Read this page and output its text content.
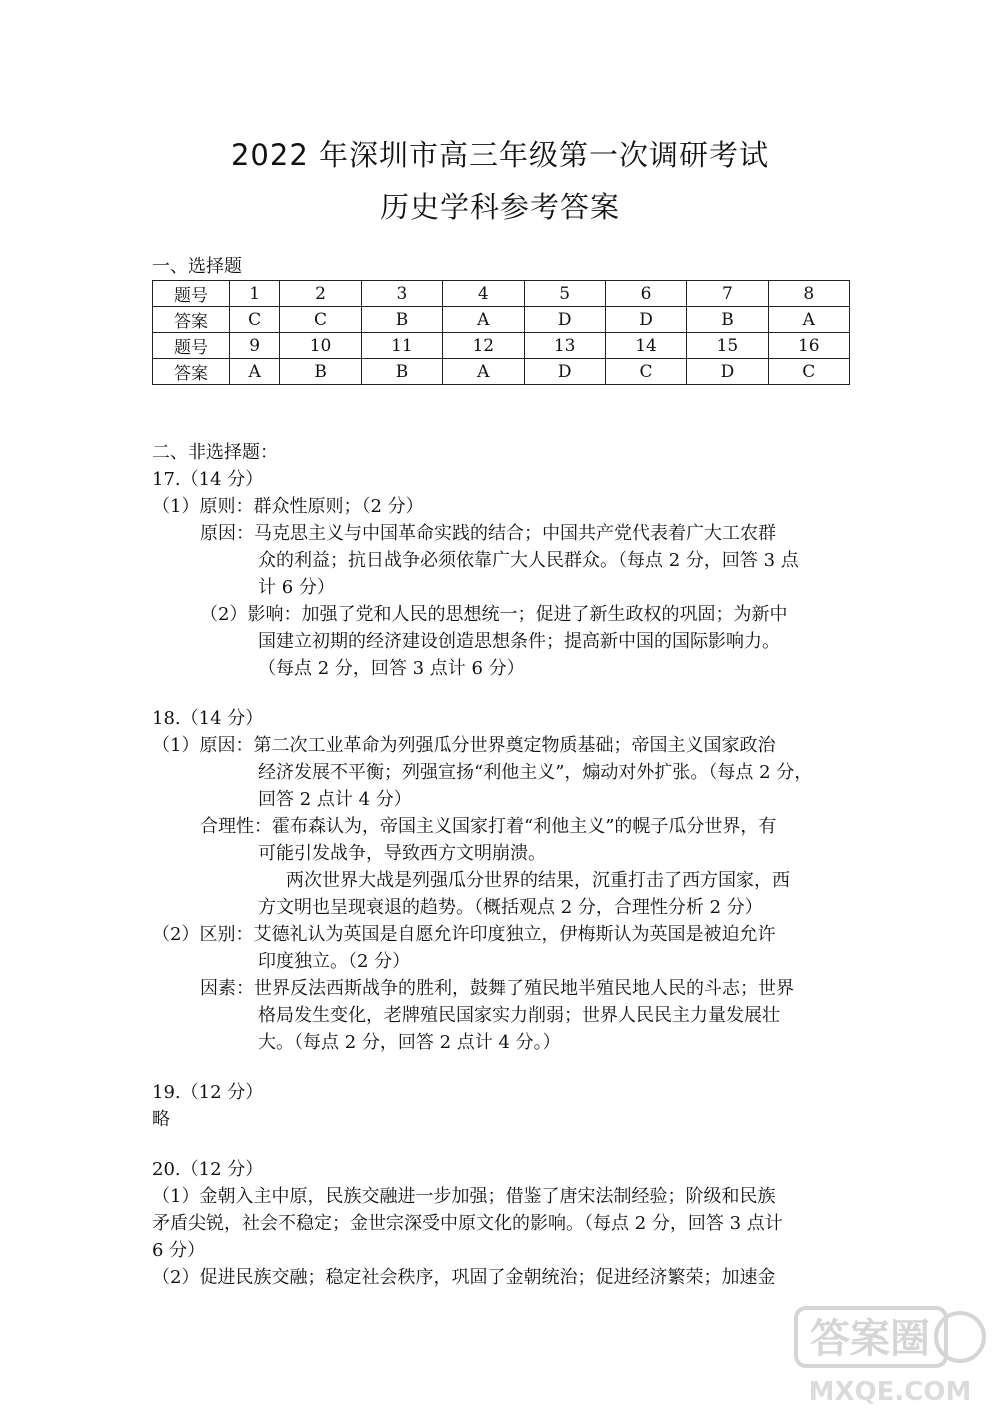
2022 年深圳市高三年级第一次调研考试
历史学科参考答案
一、选择题
题号	1	2	3	4	5	6	7	8
答案	C	C	B	A	D	D	B	A
题号	9	10	11	12	13	14	15	16
答案	A	B	B	A	D	C	D	C
二、非选择题：
17.（14 分）
（1）原则：群众性原则；（2 分）
原因：马克思主义与中国革命实践的结合；中国共产党代表着广大工农群
众的利益；抗日战争必须依靠广大人民群众。（每点 2 分，回答 3 点
计 6 分）
（2）影响：加强了党和人民的思想统一；促进了新生政权的巩固；为新中
国建立初期的经济建设创造思想条件；提高新中国的国际影响力。
（每点 2 分，回答 3 点计 6 分）
18.（14 分）
（1）原因：第二次工业革命为列强瓜分世界奠定物质基础；帝国主义国家政治
经济发展不平衡；列强宣扬“利他主义”，煽动对外扩张。（每点 2 分，
回答 2 点计 4 分）
合理性：霍布森认为，帝国主义国家打着“利他主义”的幌子瓜分世界，有
可能引发战争，导致西方文明崩溃。
两次世界大战是列强瓜分世界的结果，沉重打击了西方国家，西
方文明也呈现衰退的趋势。（概括观点 2 分，合理性分析 2 分）
（2）区别：艾德礼认为英国是自愿允许印度独立，伊梅斯认为英国是被迫允许
印度独立。（2 分）
因素：世界反法西斯战争的胜利，鼓舞了殖民地半殖民地人民的斗志；世界
格局发生变化，老牌殖民国家实力削弱；世界人民民主力量发展壮
大。（每点 2 分，回答 2 点计 4 分。）
19.（12 分）
略
20.（12 分）
（1）金朝入主中原，民族交融进一步加强；借鉴了唐宋法制经验；阶级和民族
矛盾尖锐，社会不稳定；金世宗深受中原文化的影响。（每点 2 分，回答 3 点计
6 分）
（2）促进民族交融；稳定社会秩序，巩固了金朝统治；促进经济繁荣；加速金
答案圈
MXQE.COM
